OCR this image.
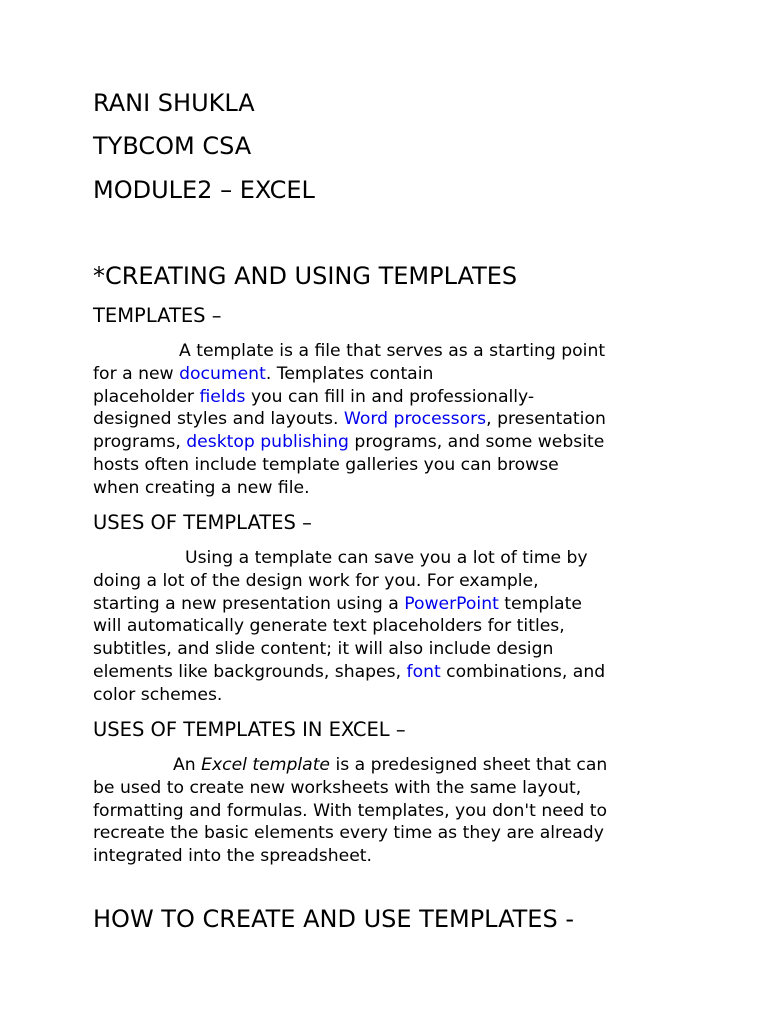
RANI SHUKLA
TYBCOM CSA
MODULE2 – EXCEL
*CREATING AND USING TEMPLATES
TEMPLATES –
A template is a file that serves as a starting point
for a new document. Templates contain
placeholder fields you can fill in and professionally-
designed styles and layouts. Word processors, presentation
programs, desktop publishing programs, and some website
hosts often include template galleries you can browse
when creating a new file.
USES OF TEMPLATES –
Using a template can save you a lot of time by
doing a lot of the design work for you. For example,
starting a new presentation using a PowerPoint template
will automatically generate text placeholders for titles,
subtitles, and slide content; it will also include design
elements like backgrounds, shapes, font combinations, and
color schemes.
USES OF TEMPLATES IN EXCEL –
An Excel template is a predesigned sheet that can
be used to create new worksheets with the same layout,
formatting and formulas. With templates, you don't need to
recreate the basic elements every time as they are already
integrated into the spreadsheet.
HOW TO CREATE AND USE TEMPLATES -
